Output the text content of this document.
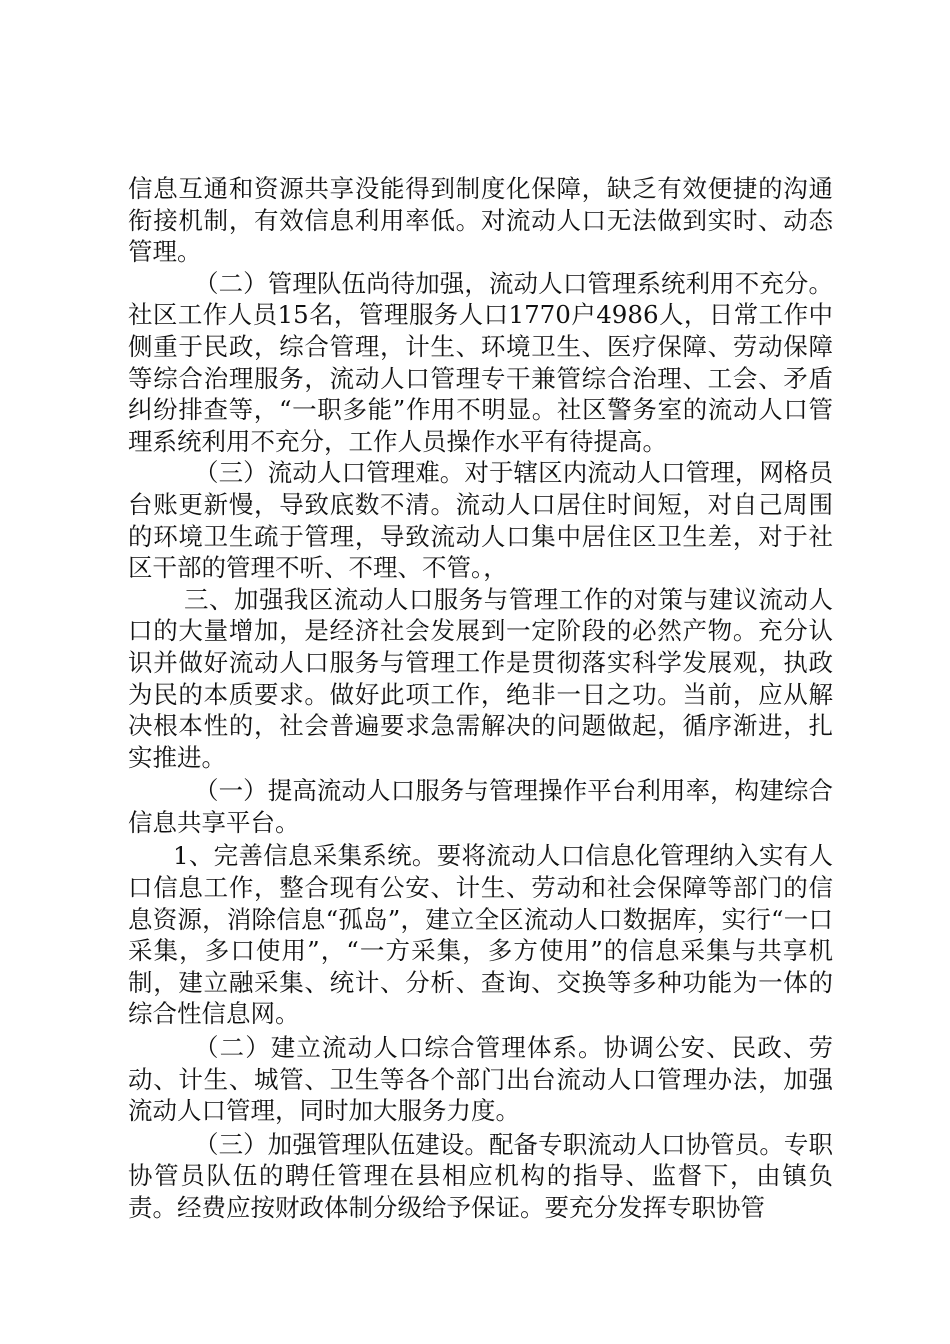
信息互通和资源共享没能得到制度化保障，缺乏有效便捷的沟通衔接机制，有效信息利用率低。对流动人口无法做到实时、动态管理。

（二）管理队伍尚待加强，流动人口管理系统利用不充分。社区工作人员15名，管理服务人口1770户4986人，日常工作中侧重于民政，综合管理，计生、环境卫生、医疗保障、劳动保障等综合治理服务，流动人口管理专干兼管综合治理、工会、矛盾纠纷排查等，“一职多能”作用不明显。社区警务室的流动人口管理系统利用不充分，工作人员操作水平有待提高。

（三）流动人口管理难。对于辖区内流动人口管理，网格员台账更新慢，导致底数不清。流动人口居住时间短，对自己周围的环境卫生疏于管理，导致流动人口集中居住区卫生差，对于社区干部的管理不听、不理、不管。，

三、加强我区流动人口服务与管理工作的对策与建议流动人口的大量增加，是经济社会发展到一定阶段的必然产物。充分认识并做好流动人口服务与管理工作是贯彻落实科学发展观，执政为民的本质要求。做好此项工作，绝非一日之功。当前，应从解决根本性的，社会普遍要求急需解决的问题做起，循序渐进，扎实推进。

（一）提高流动人口服务与管理操作平台利用率，构建综合信息共享平台。

1、完善信息采集系统。要将流动人口信息化管理纳入实有人口信息工作，整合现有公安、计生、劳动和社会保障等部门的信息资源，消除信息“孤岛”，建立全区流动人口数据库，实行“一口采集，多口使用”，“一方采集，多方使用”的信息采集与共享机制，建立融采集、统计、分析、查询、交换等多种功能为一体的综合性信息网。

（二）建立流动人口综合管理体系。协调公安、民政、劳动、计生、城管、卫生等各个部门出台流动人口管理办法，加强流动人口管理，同时加大服务力度。

（三）加强管理队伍建设。配备专职流动人口协管员。专职协管员队伍的聘任管理在县相应机构的指导、监督下，由镇负责。经费应按财政体制分级给予保证。要充分发挥专职协管
